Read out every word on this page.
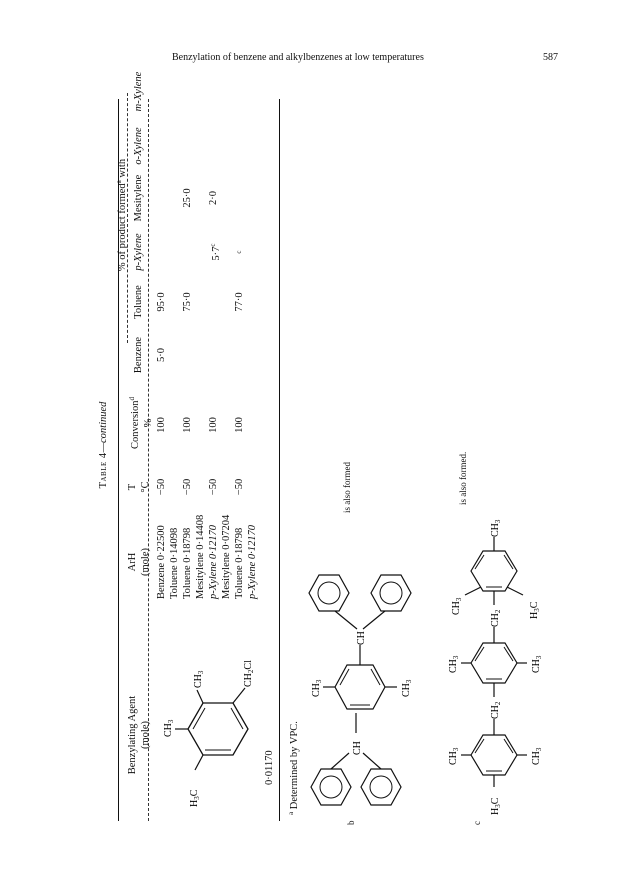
Benzylation of benzene and alkylbenzenes at low temperatures	587
Table 4—continued
Benzylating Agent (mole)
ArH (mole)
T °C
Conversion$^d$
%
% of product formed$^a$ with
Benzene
Toluene
p-Xylene
Mesitylene
o-Xylene
m-Xylene
$H_3C$
$CH_3$
$CH_3$
$CH_2Cl$
0·01170
Benzene 0·22500 Toluene 0·14098
−50
100
5·0
95·0
Toluene 0·18798 Mesitylene 0·14408
−50
100
75·0
25·0
p-Xylene 0·12170 Mesitylene 0·07204
−50
100
$5\cdot 7^c$
2·0
Toluene 0·18798 p-Xylene 0·12170
−50
100
77·0
$^c$
$^a$ Determined by VPC.
b
CH
$CH_3$
$CH_3$
CH
is also formed
c
$H_3C$
$CH_3$
$CH_3$
$CH_2$
$CH_3$
$CH_3$
$CH_2$
$CH_3$
$H_3C$
$CH_3$
is also formed.
